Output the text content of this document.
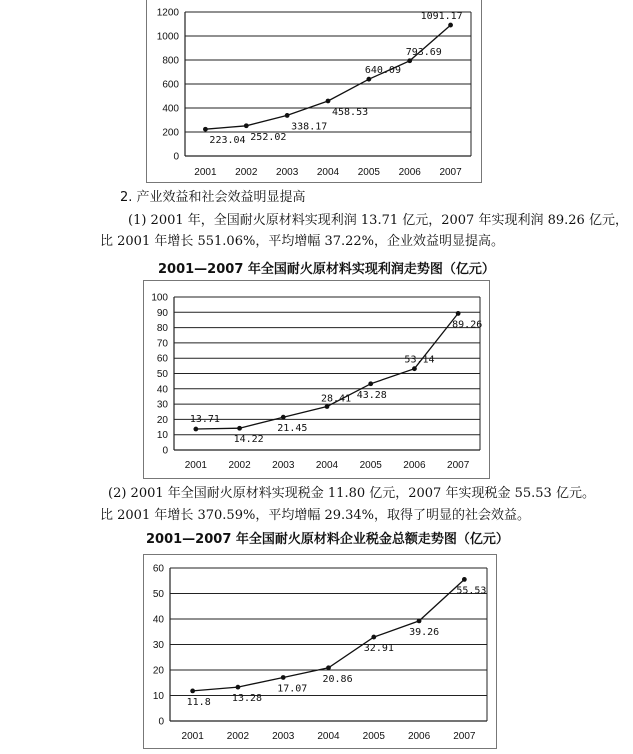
0
200
400
600
800
1000
1200
2001 2002 2003 2004 2005 2006 2007
223.04 252.02
338.17
458.53
640.09
793.69
1091.17
2. 产业效益和社会效益明显提高
(1) 2001 年，全国耐火原材料实现利润 13.71 亿元，2007 年实现利润 89.26 亿元，
比 2001 年增长 551.06%，平均增幅 37.22%，企业效益明显提高。
2001—2007 年全国耐火原材料实现利润走势图（亿元）
0
10
20
30
40
50
60
70
80
90
100
2001 2002 2003 2004 2005 2006 2007
13.71
14.22
21.45
28.41 43.28
53.14
89.26
(2) 2001 年全国耐火原材料实现税金 11.80 亿元，2007 年实现税金 55.53 亿元。
比 2001 年增长 370.59%，平均增幅 29.34%，取得了明显的社会效益。
2001—2007 年全国耐火原材料企业税金总额走势图（亿元）
0
10
20
30
40
50
60
2001 2002 2003 2004 2005 2006 2007
11.8 13.28
17.07
20.86
32.91
39.26
55.53
